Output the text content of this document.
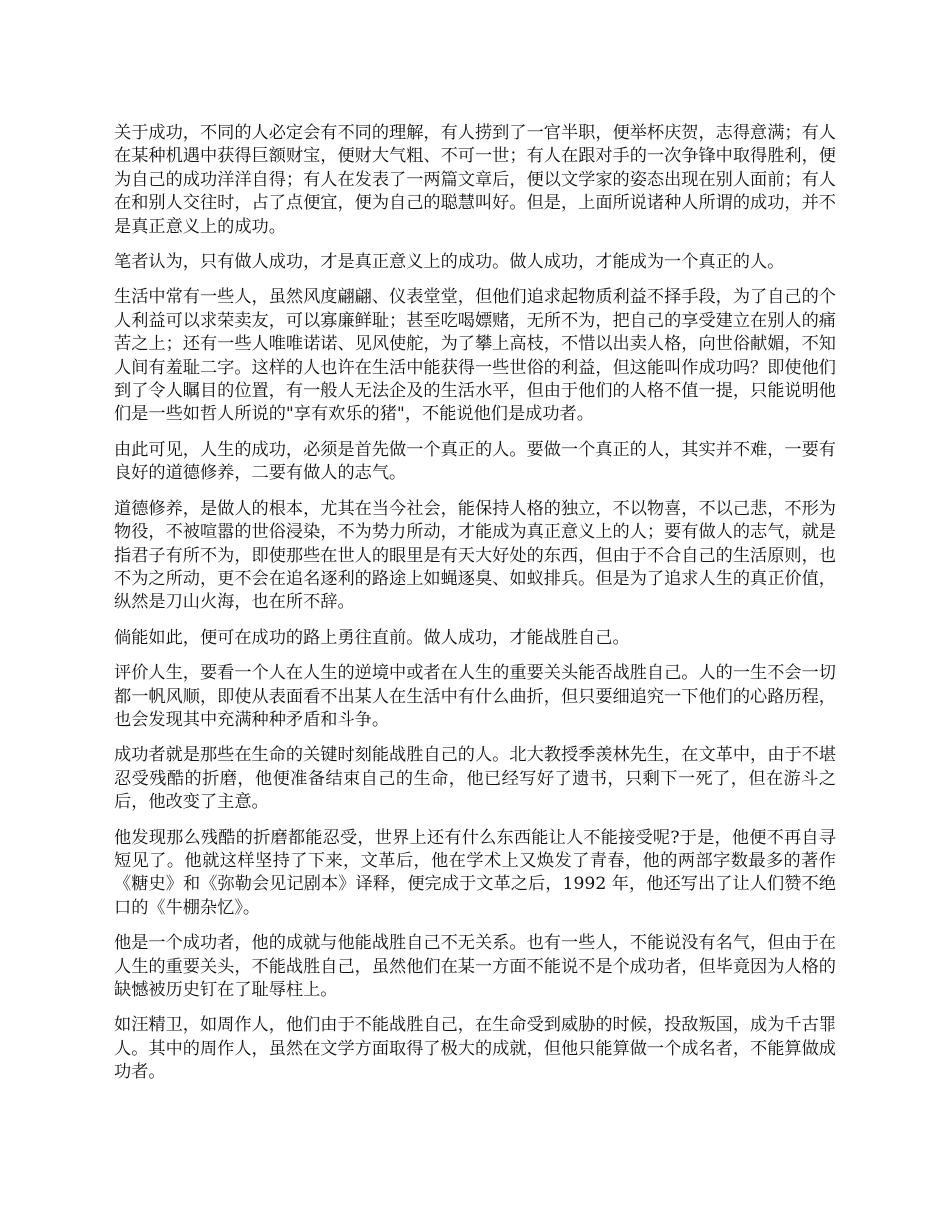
关于成功，不同的人必定会有不同的理解，有人捞到了一官半职，便举杯庆贺，志得意满；有人在某种机遇中获得巨额财宝，便财大气粗、不可一世；有人在跟对手的一次争锋中取得胜利，便为自己的成功洋洋自得；有人在发表了一两篇文章后，便以文学家的姿态出现在别人面前；有人在和别人交往时，占了点便宜，便为自己的聪慧叫好。但是，上面所说诸种人所谓的成功，并不是真正意义上的成功。

笔者认为，只有做人成功，才是真正意义上的成功。做人成功，才能成为一个真正的人。

生活中常有一些人，虽然风度翩翩、仪表堂堂，但他们追求起物质利益不择手段，为了自己的个人利益可以求荣卖友，可以寡廉鲜耻；甚至吃喝嫖赌，无所不为，把自己的享受建立在别人的痛苦之上；还有一些人唯唯诺诺、见风使舵，为了攀上高枝，不惜以出卖人格，向世俗献媚，不知人间有羞耻二字。这样的人也许在生活中能获得一些世俗的利益，但这能叫作成功吗？即使他们到了令人瞩目的位置，有一般人无法企及的生活水平，但由于他们的人格不值一提，只能说明他们是一些如哲人所说的"享有欢乐的猪"，不能说他们是成功者。

由此可见，人生的成功，必须是首先做一个真正的人。要做一个真正的人，其实并不难，一要有良好的道德修养，二要有做人的志气。

道德修养，是做人的根本，尤其在当今社会，能保持人格的独立，不以物喜，不以己悲，不形为物役，不被喧嚣的世俗浸染，不为势力所动，才能成为真正意义上的人；要有做人的志气，就是指君子有所不为，即使那些在世人的眼里是有天大好处的东西，但由于不合自己的生活原则，也不为之所动，更不会在追名逐利的路途上如蝇逐臭、如蚁排兵。但是为了追求人生的真正价值，纵然是刀山火海，也在所不辞。

倘能如此，便可在成功的路上勇往直前。做人成功，才能战胜自己。

评价人生，要看一个人在人生的逆境中或者在人生的重要关头能否战胜自己。人的一生不会一切都一帆风顺，即使从表面看不出某人在生活中有什么曲折，但只要细追究一下他们的心路历程，也会发现其中充满种种矛盾和斗争。

成功者就是那些在生命的关键时刻能战胜自己的人。北大教授季羡林先生，在文革中，由于不堪忍受残酷的折磨，他便准备结束自己的生命，他已经写好了遗书，只剩下一死了，但在游斗之后，他改变了主意。

他发现那么残酷的折磨都能忍受，世界上还有什么东西能让人不能接受呢?于是，他便不再自寻短见了。他就这样坚持了下来，文革后，他在学术上又焕发了青春，他的两部字数最多的著作《糖史》和《弥勒会见记剧本》译释，便完成于文革之后，1992 年，他还写出了让人们赞不绝口的《牛棚杂忆》。

他是一个成功者，他的成就与他能战胜自己不无关系。也有一些人，不能说没有名气，但由于在人生的重要关头，不能战胜自己，虽然他们在某一方面不能说不是个成功者，但毕竟因为人格的缺憾被历史钉在了耻辱柱上。

如汪精卫，如周作人，他们由于不能战胜自己，在生命受到威胁的时候，投敌叛国，成为千古罪人。其中的周作人，虽然在文学方面取得了极大的成就，但他只能算做一个成名者，不能算做成功者。
